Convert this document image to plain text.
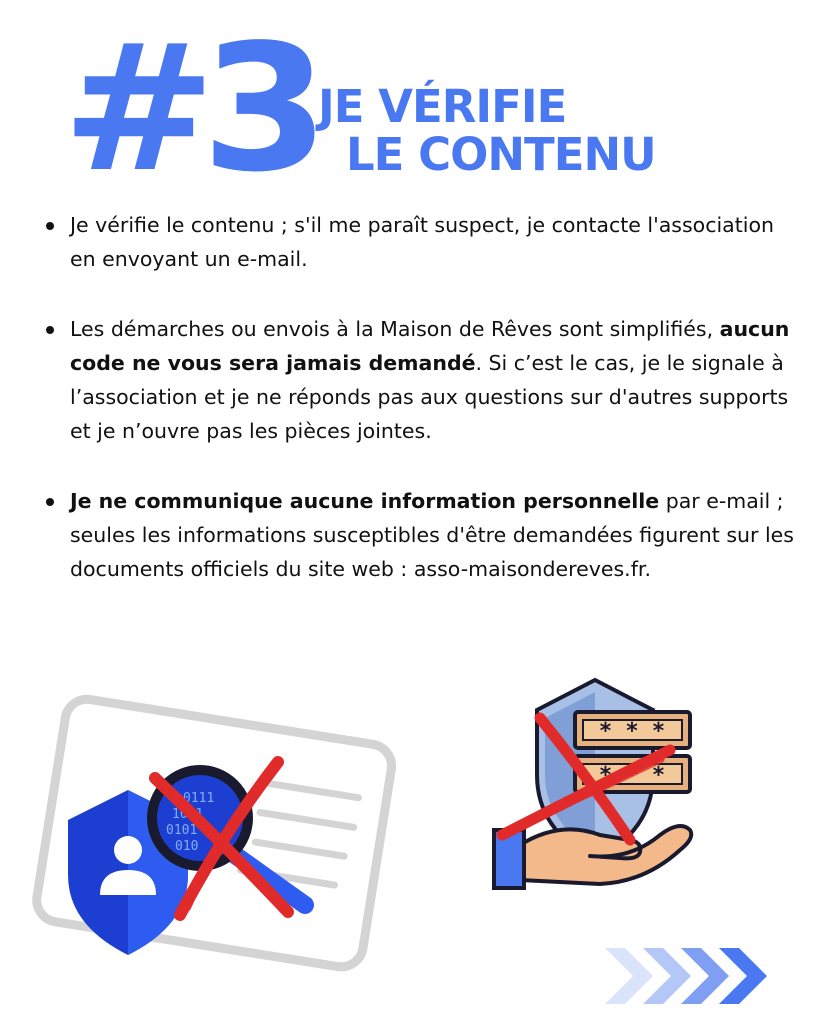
#3 JE VÉRIFIE
LE CONTENU
Je vérifie le contenu ; s'il me paraît suspect, je contacte l'association en envoyant un e-mail.
Les démarches ou envois à la Maison de Rêves sont simplifiés, aucun code ne vous sera jamais demandé. Si c’est le cas, je le signale à l’association et je ne réponds pas aux questions sur d'autres supports et je n’ouvre pas les pièces jointes.
Je ne communique aucune information personnelle par e-mail ; seules les informations susceptibles d'être demandées figurent sur les documents officiels du site web : asso-maisondereves.fr.
0111
1001
0101
010
* * *
* * *
